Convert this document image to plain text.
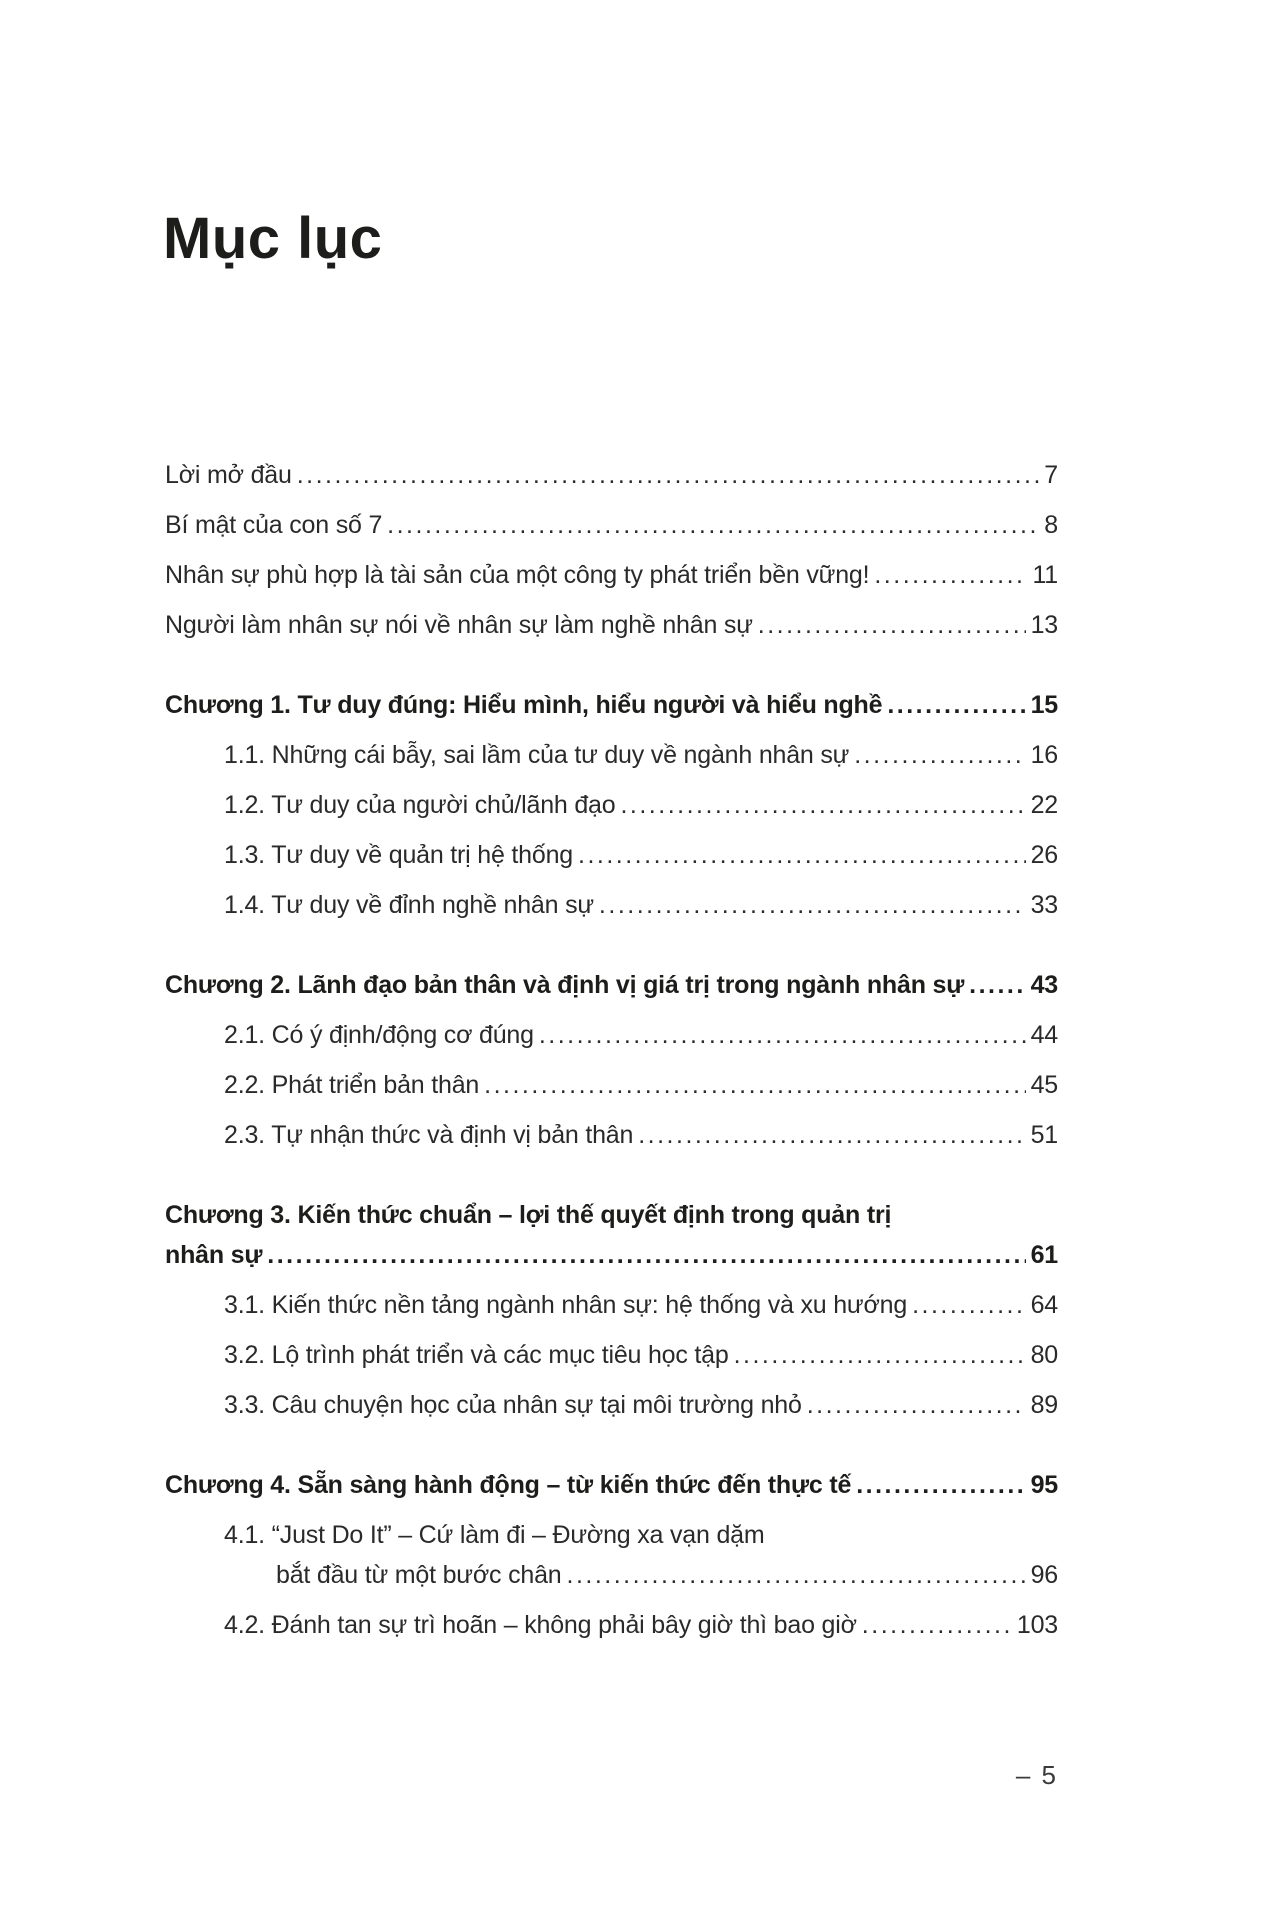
Mục lục
Lời mở đầu .....	7
Bí mật của con số 7 .....	8
Nhân sự phù hợp là tài sản của một công ty phát triển bền vững! .....	11
Người làm nhân sự nói về nhân sự làm nghề nhân sự .....	13
Chương 1. Tư duy đúng: Hiểu mình, hiểu người và hiểu nghề .....	15
1.1. Những cái bẫy, sai lầm của tư duy về ngành nhân sự .....	16
1.2. Tư duy của người chủ/lãnh đạo .....	22
1.3. Tư duy về quản trị hệ thống .....	26
1.4. Tư duy về đỉnh nghề nhân sự .....	33
Chương 2. Lãnh đạo bản thân và định vị giá trị trong ngành nhân sự .....	43
2.1. Có ý định/động cơ đúng .....	44
2.2. Phát triển bản thân .....	45
2.3. Tự nhận thức và định vị bản thân .....	51
Chương 3. Kiến thức chuẩn – lợi thế quyết định trong quản trị
nhân sự .....	61
3.1. Kiến thức nền tảng ngành nhân sự: hệ thống và xu hướng .....	64
3.2. Lộ trình phát triển và các mục tiêu học tập .....	80
3.3. Câu chuyện học của nhân sự tại môi trường nhỏ .....	89
Chương 4. Sẵn sàng hành động – từ kiến thức đến thực tế .....	95
4.1. “Just Do It” – Cứ làm đi – Đường xa vạn dặm
bắt đầu từ một bước chân .....	96
4.2. Đánh tan sự trì hoãn – không phải bây giờ thì bao giờ .....	103
– 5
